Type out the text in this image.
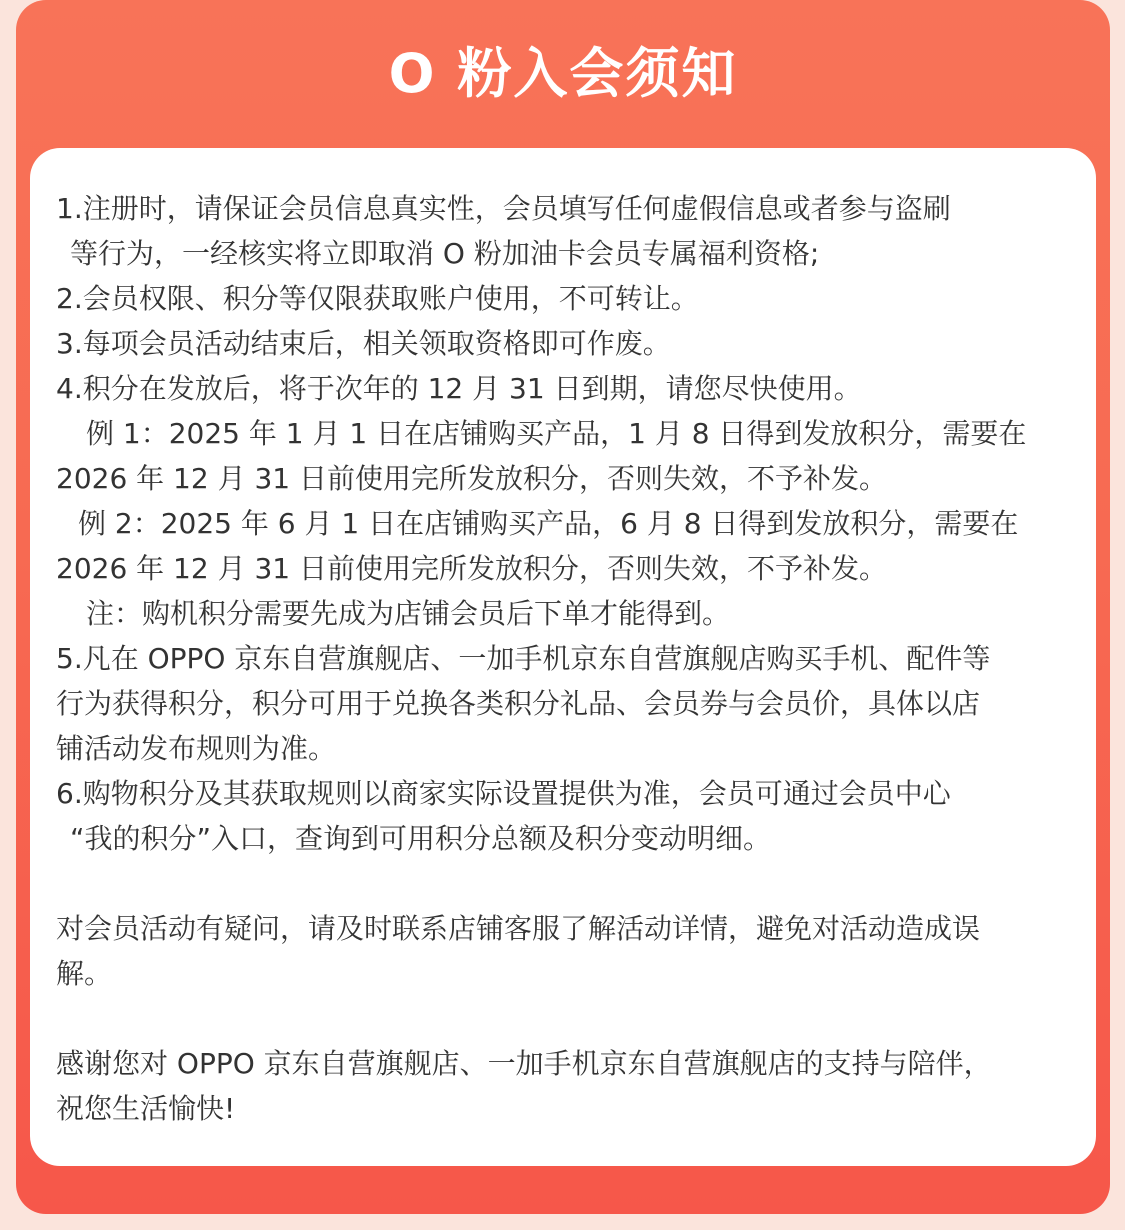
O 粉入会须知
1.注册时，请保证会员信息真实性，会员填写任何虚假信息或者参与盗刷
等行为，一经核实将立即取消 O 粉加油卡会员专属福利资格;
2.会员权限、积分等仅限获取账户使用，不可转让。
3.每项会员活动结束后，相关领取资格即可作废。
4.积分在发放后，将于次年的 12 月 31 日到期，请您尽快使用。
例 1：2025 年 1 月 1 日在店铺购买产品，1 月 8 日得到发放积分，需要在
2026 年 12 月 31 日前使用完所发放积分，否则失效，不予补发。
例 2：2025 年 6 月 1 日在店铺购买产品，6 月 8 日得到发放积分，需要在
2026 年 12 月 31 日前使用完所发放积分，否则失效，不予补发。
注：购机积分需要先成为店铺会员后下单才能得到。
5.凡在 OPPO 京东自营旗舰店、一加手机京东自营旗舰店购买手机、配件等
行为获得积分，积分可用于兑换各类积分礼品、会员券与会员价，具体以店
铺活动发布规则为准。
6.购物积分及其获取规则以商家实际设置提供为准，会员可通过会员中心
“我的积分”入口，查询到可用积分总额及积分变动明细。
对会员活动有疑问，请及时联系店铺客服了解活动详情，避免对活动造成误
解。
感谢您对 OPPO 京东自营旗舰店、一加手机京东自营旗舰店的支持与陪伴，
祝您生活愉快!
